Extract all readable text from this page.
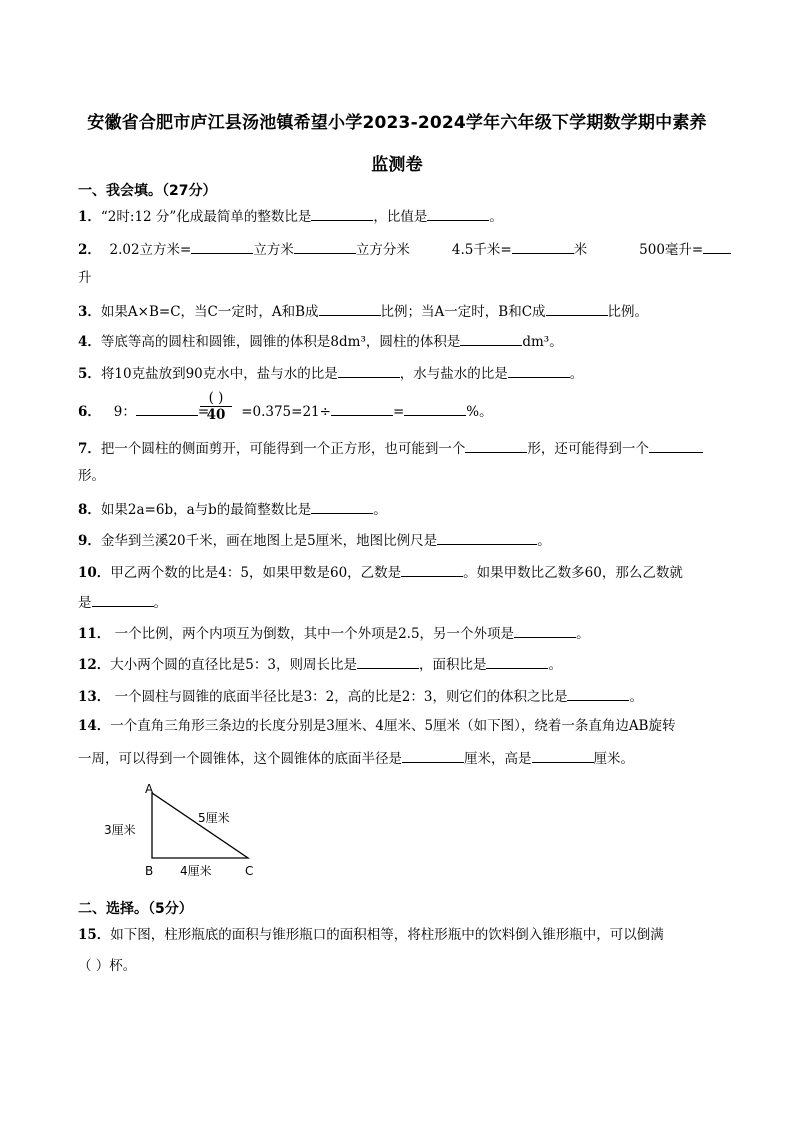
安徽省合肥市庐江县汤池镇希望小学2023-2024学年六年级下学期数学期中素养
监测卷
一、我会填。（27分）
1．“2时:12 分”化成最简单的整数比是	，比值是	。
2． 2.02立方米=	立方米	立方分米	4.5千米=	米	500毫升=
升
3．如果A×B=C，当C一定时，A和B成	比例；当A一定时，B和C成	比例。
4．等底等高的圆柱和圆锥，圆锥的体积是8dm³，圆柱的体积是	dm³。
5．将10克盐放到90克水中，盐与水的比是	，水与盐水的比是	。
6． 9：	= =0.375=21÷	=	%。
( )
40
7．把一个圆柱的侧面剪开，可能得到一个正方形，也可能到一个	形，还可能得到一个
形。
8．如果2a=6b，a与b的最简整数比是	。
9．金华到兰溪20千米，画在地图上是5厘米，地图比例尺是	。
10．甲乙两个数的比是4：5，如果甲数是60，乙数是	。如果甲数比乙数多60，那么乙数就
是	。
11． 一个比例，两个内项互为倒数，其中一个外项是2.5，另一个外项是	。
12．大小两个圆的直径比是5：3，则周长比是	，面积比是	。
13． 一个圆柱与圆锥的底面半径比是3：2，高的比是2：3，则它们的体积之比是	。
14．一个直角三角形三条边的长度分别是3厘米、4厘米、5厘米（如下图），绕着一条直角边AB旋转
一周，可以得到一个圆锥体，这个圆锥体的底面半径是	厘米，高是	厘米。
A
B	C
3厘米
5厘米
4厘米
二、选择。（5分）
15．如下图，柱形瓶底的面积与锥形瓶口的面积相等，将柱形瓶中的饮料倒入锥形瓶中，可以倒满
（ ）杯。
